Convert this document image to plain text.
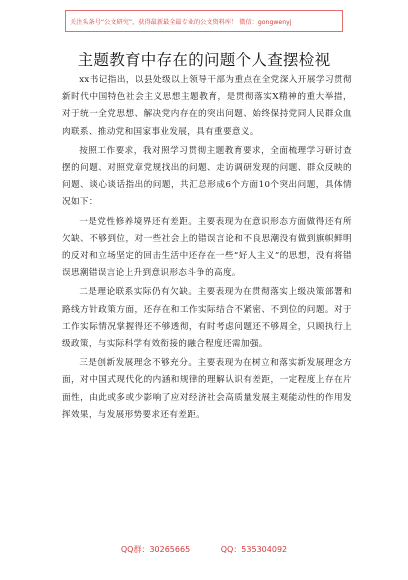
关注头条号“公文研究”，获得最新最全最专业的公文资料库！ 微信：gongwenyj
主题教育中存在的问题个人查摆检视

xx书记指出，以县处级以上领导干部为重点在全党深入开展学习贯彻新时代中国特色社会主义思想主题教育，是贯彻落实X精神的重大举措，对于统一全党思想、解决党内存在的突出问题、始终保持党同人民群众血肉联系、推动党和国家事业发展，具有重要意义。

按照工作要求，我对照学习贯彻主题教育要求，全面梳理学习研讨查摆的问题、对照党章党规找出的问题、走访调研发现的问题、群众反映的问题、谈心谈话指出的问题，共汇总形成6个方面10个突出问题，具体情况如下：

一是党性修养境界还有差距。主要表现为在意识形态方面做得还有所欠缺、不够到位，对一些社会上的错误言论和不良思潮没有做到旗帜鲜明的反对和立场坚定的回击生活中还存在一些“好人主义”的思想，没有将错误思潮错误言论上升到意识形态斗争的高度。

二是理论联系实际仍有欠缺。主要表现为在贯彻落实上级决策部署和路线方针政策方面，还存在和工作实际结合不紧密、不到位的问题。对于工作实际情况掌握得还不够透彻，有时考虑问题还不够周全，只顾执行上级政策，与实际科学有效衔接的融合程度还需加强。

三是创新发展理念不够充分。主要表现为在树立和落实新发展理念方面，对中国式现代化的内涵和规律的理解认识有差距，一定程度上存在片面性，由此或多或少影响了应对经济社会高质量发展主观能动性的作用发挥效果，与发展形势要求还有差距。

QQ群：30265665	QQ：535304092
